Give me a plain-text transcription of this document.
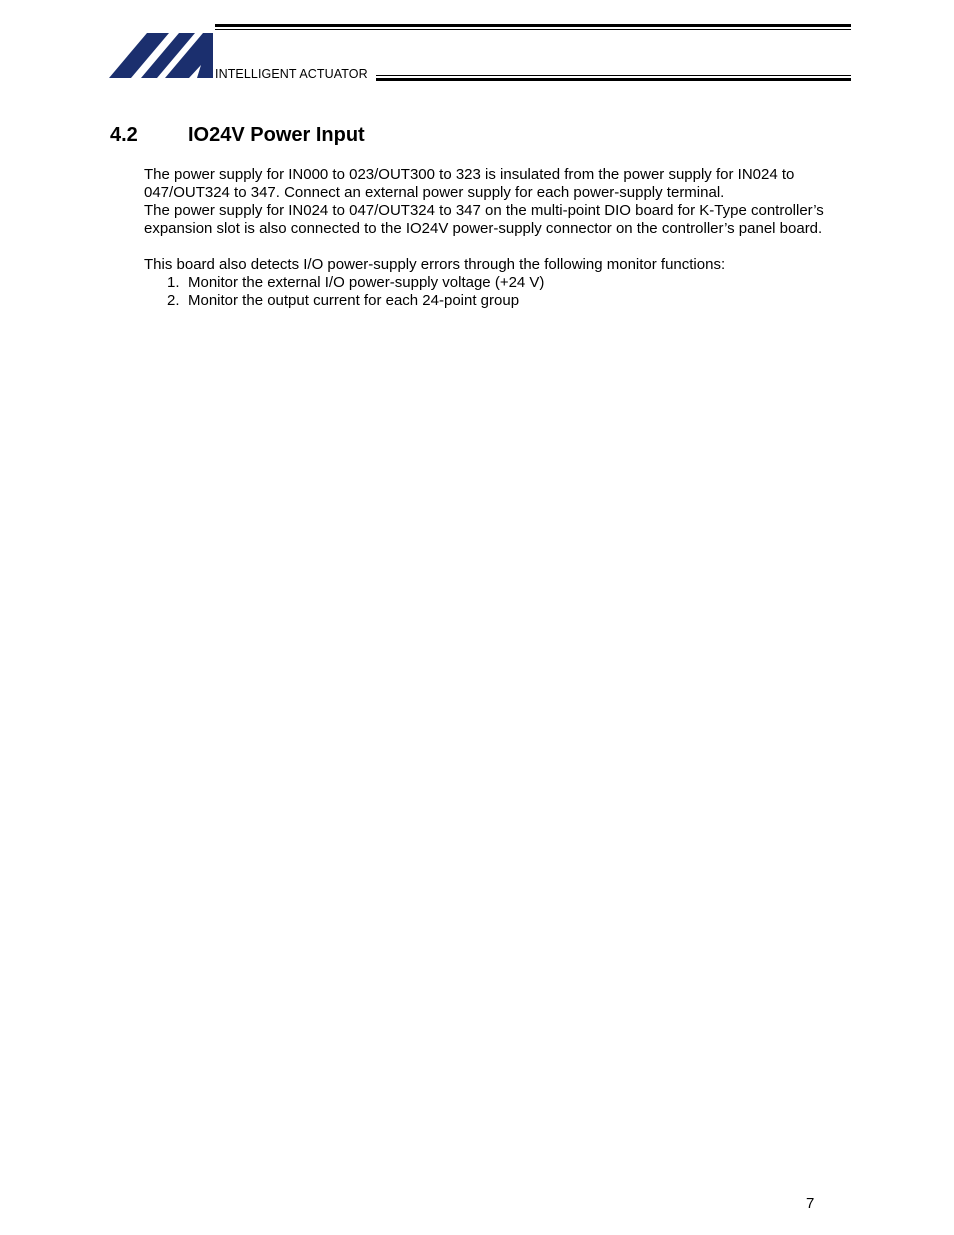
INTELLIGENT ACTUATOR
4.2	IO24V Power Input

The power supply for IN000 to 023/OUT300 to 323 is insulated from the power supply for IN024 to 047/OUT324 to 347. Connect an external power supply for each power-supply terminal.

The power supply for IN024 to 047/OUT324 to 347 on the multi-point DIO board for K-Type controller’s expansion slot is also connected to the IO24V power-supply connector on the controller’s panel board.

This board also detects I/O power-supply errors through the following monitor functions:

1. Monitor the external I/O power-supply voltage (+24 V)
2. Monitor the output current for each 24-point group
7
